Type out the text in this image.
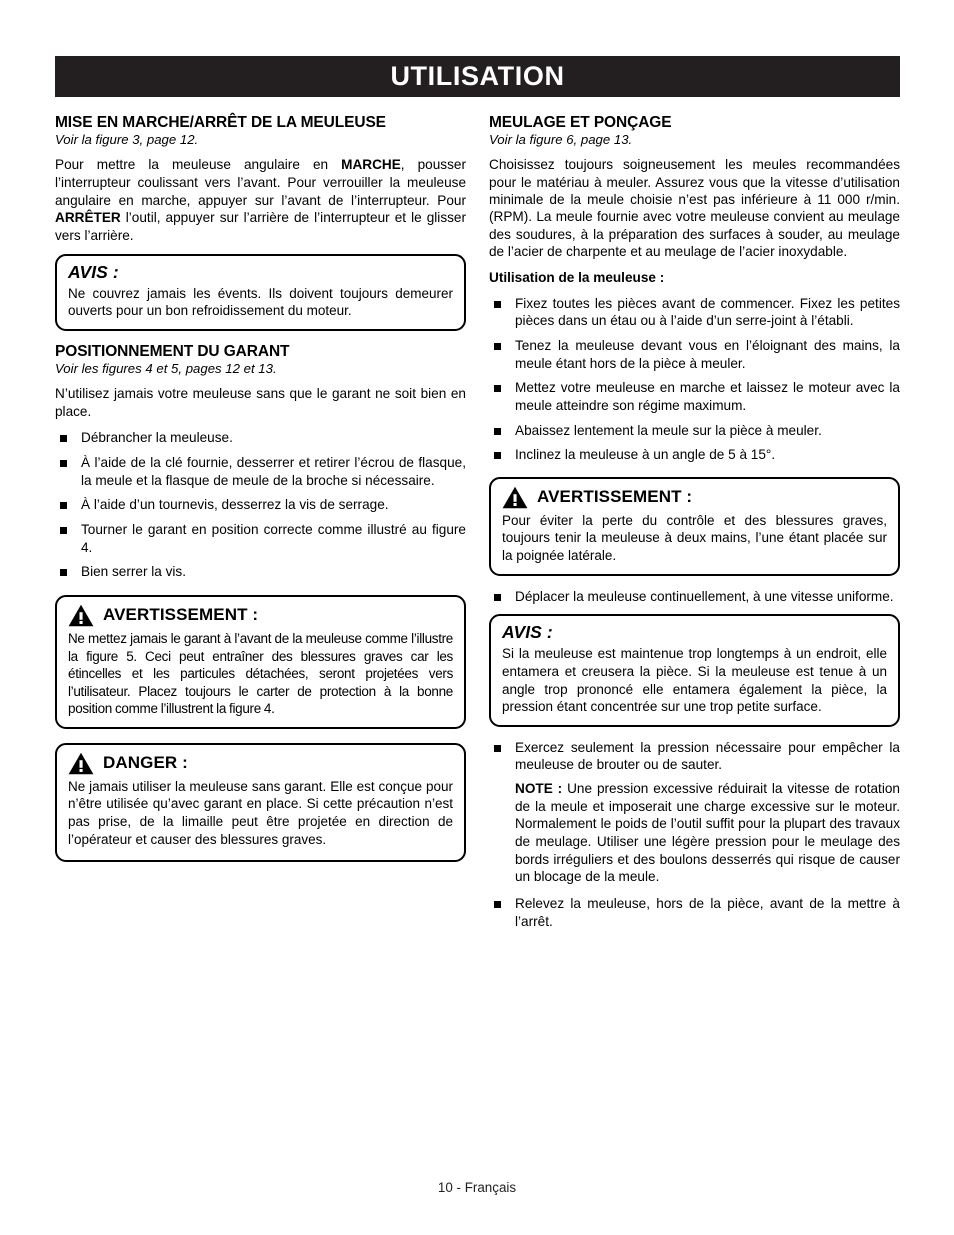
UTILISATION
MISE EN MARCHE/ARRÊT DE LA MEULEUSE
Voir la figure 3, page 12.

Pour mettre la meuleuse angulaire en MARCHE, pousser l’interrupteur coulissant vers l’avant. Pour verrouiller la meuleuse angulaire en marche, appuyer sur l’avant de l’interrupteur. Pour ARRÊTER l’outil, appuyer sur l’arrière de l’interrupteur et le glisser vers l’arrière.

AVIS :

Ne couvrez jamais les évents. Ils doivent toujours demeurer ouverts pour un bon refroidissement du moteur.

POSITIONNEMENT DU GARANT
Voir les figures 4 et 5, pages 12 et 13.

N’utilisez jamais votre meuleuse sans que le garant ne soit bien en place.

Débrancher la meuleuse.
À l’aide de la clé fournie, desserrer et retirer l’écrou de flasque, la meule et la flasque de meule de la broche si nécessaire.
À l’aide d’un tournevis, desserrez la vis de serrage.
Tourner le garant en position correcte comme illustré au figure 4.
Bien serrer la vis.
AVERTISSEMENT :

Ne mettez jamais le garant à l’avant de la meuleuse comme l’illustre la figure 5. Ceci peut entraîner des blessures graves car les étincelles et les particules détachées, seront projetées vers l’utilisateur. Placez toujours le carter de protection à la bonne position comme l’illustrent la figure 4.

DANGER :

Ne jamais utiliser la meuleuse sans garant. Elle est conçue pour n’être utilisée qu’avec garant en place. Si cette précaution n’est pas prise, de la limaille peut être projetée en direction de l’opérateur et causer des blessures graves.

MEULAGE ET PONÇAGE
Voir la figure 6, page 13.

Choisissez toujours soigneusement les meules recommandées pour le matériau à meuler. Assurez vous que la vitesse d’utilisation minimale de la meule choisie n’est pas inférieure à 11 000 r/min. (RPM). La meule fournie avec votre meuleuse convient au meulage des soudures, à la préparation des surfaces à souder, au meulage de l’acier de charpente et au meulage de l’acier inoxydable.

Utilisation de la meuleuse :
Fixez toutes les pièces avant de commencer. Fixez les petites pièces dans un étau ou à l’aide d’un serre-joint à l’établi.
Tenez la meuleuse devant vous en l’éloignant des mains, la meule étant hors de la pièce à meuler.
Mettez votre meuleuse en marche et laissez le moteur avec la meule atteindre son régime maximum.
Abaissez lentement la meule sur la pièce à meuler.
Inclinez la meuleuse à un angle de 5 à 15°.
AVERTISSEMENT :

Pour éviter la perte du contrôle et des blessures graves, toujours tenir la meuleuse à deux mains, l’une étant placée sur la poignée latérale.

Déplacer la meuleuse continuellement, à une vitesse uniforme.
AVIS :

Si la meuleuse est maintenue trop longtemps à un endroit, elle entamera et creusera la pièce. Si la meuleuse est tenue à un angle trop prononcé elle entamera également la pièce, la pression étant concentrée sur une trop petite surface.

Exercez seulement la pression nécessaire pour empêcher la meuleuse de brouter ou de sauter.
NOTE : Une pression excessive réduirait la vitesse de rotation de la meule et imposerait une charge excessive sur le moteur. Normalement le poids de l’outil suffit pour la plupart des travaux de meulage. Utiliser une légère pression pour le meulage des bords irréguliers et des boulons desserrés qui risque de causer un blocage de la meule.
Relevez la meuleuse, hors de la pièce, avant de la mettre à l’arrêt.
10 - Français
